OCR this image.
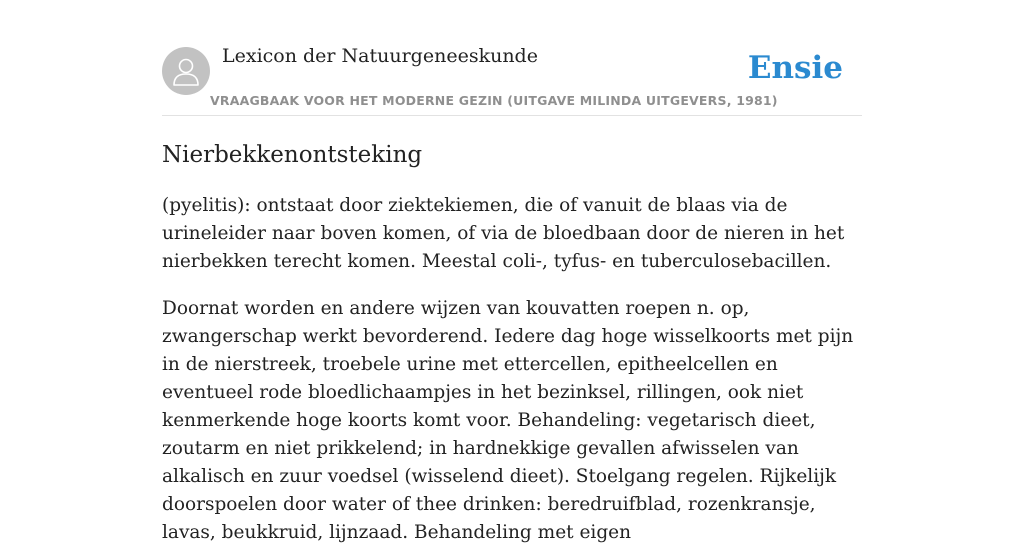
Lexicon der Natuurgeneeskunde
VRAAGBAAK VOOR HET MODERNE GEZIN (UITGAVE MILINDA UITGEVERS, 1981)
Ensie
Nierbekkenontsteking

(pyelitis): ontstaat door ziektekiemen, die of vanuit de blaas via de urineleider naar boven komen, of via de bloedbaan door de nieren in het nierbekken terecht komen. Meestal coli-, tyfus- en tuberculosebacillen.

Doornat worden en andere wijzen van kouvatten roepen n. op, zwangerschap werkt bevorderend. Iedere dag hoge wisselkoorts met pijn in de nierstreek, troebele urine met ettercellen, epitheelcellen en eventueel rode bloedlichaampjes in het bezinksel, rillingen, ook niet kenmerkende hoge koorts komt voor. Behandeling: vegetarisch dieet, zoutarm en niet prikkelend; in hardnekkige gevallen afwisselen van alkalisch en zuur voedsel (wisselend dieet). Stoelgang regelen. Rijkelijk doorspoelen door water of thee drinken: beredruifblad, rozenkransje, lavas, beukkruid, lijnzaad. Behandeling met eigen
